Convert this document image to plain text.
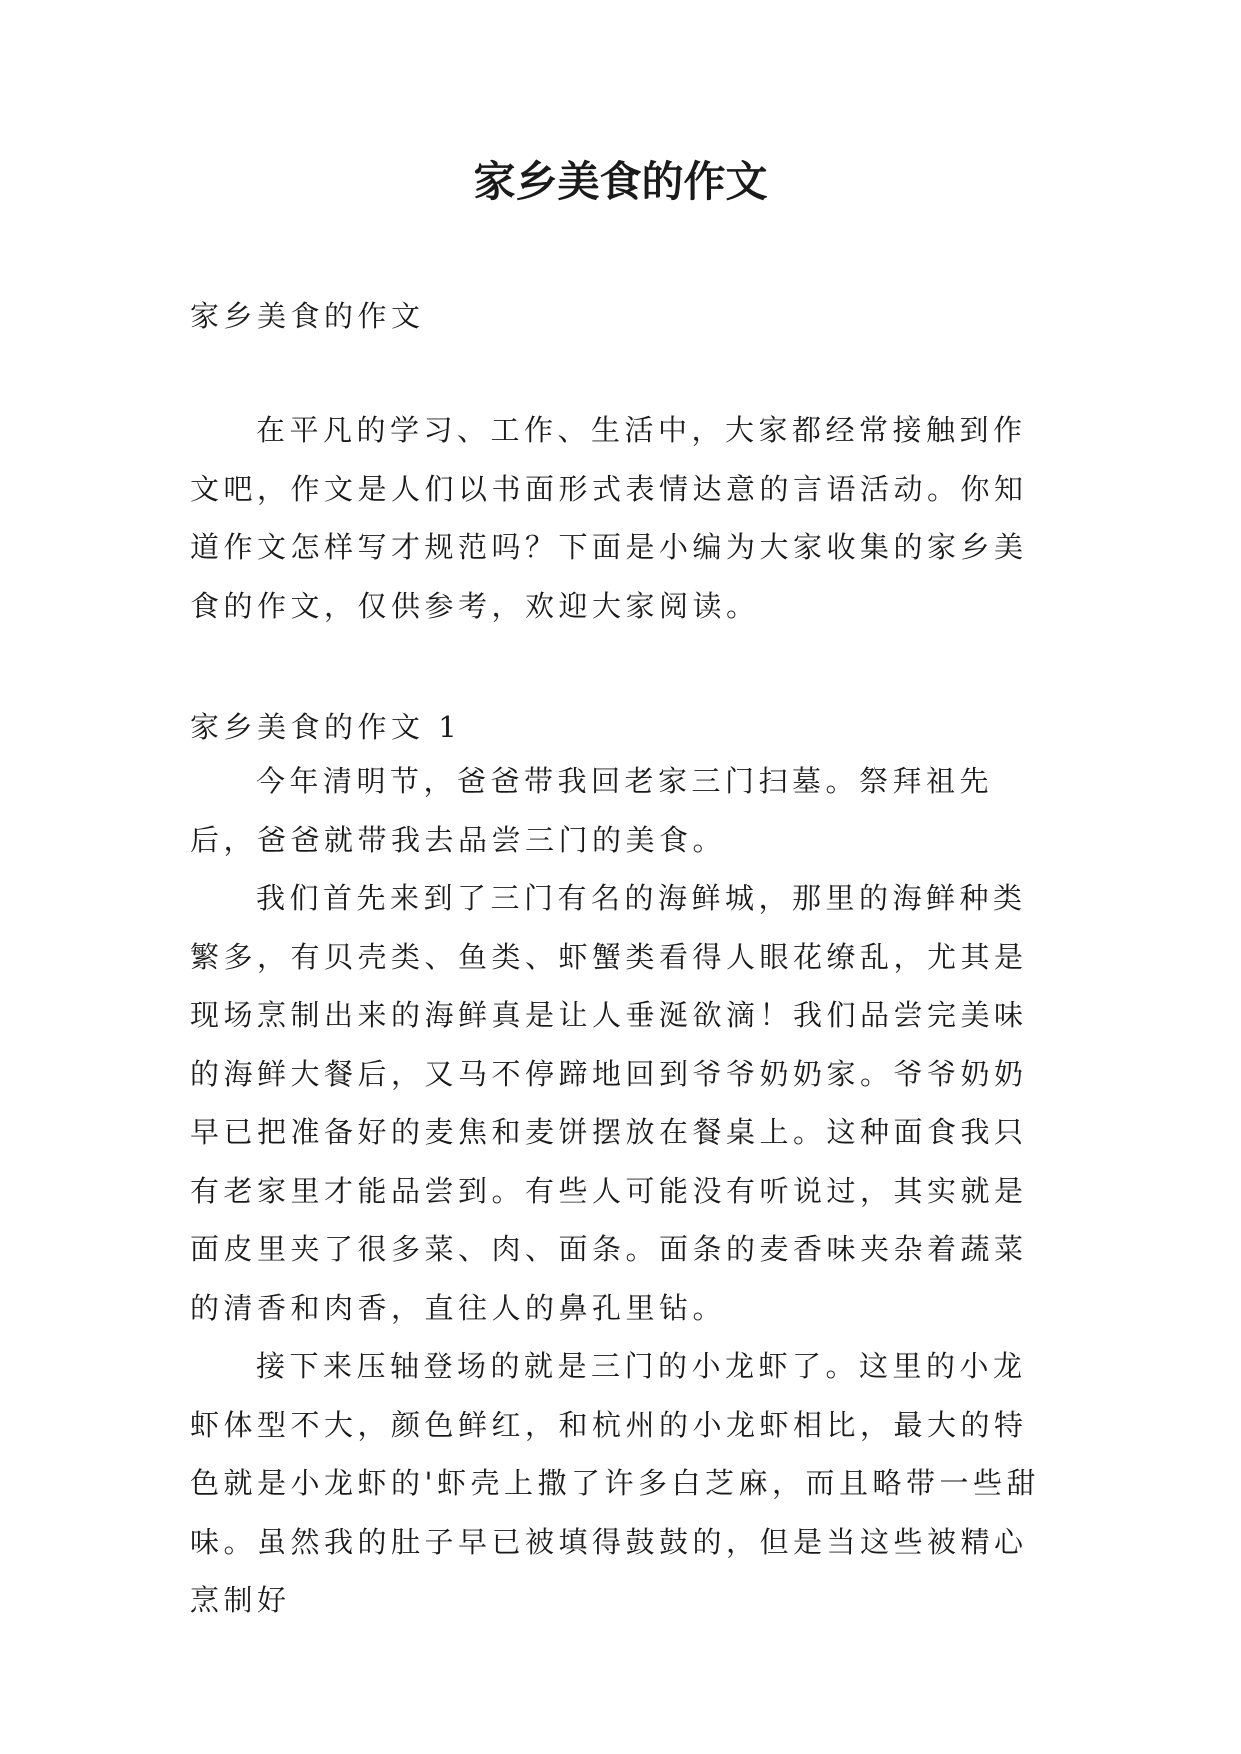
家乡美食的作文

家乡美食的作文

在平凡的学习、工作、生活中，大家都经常接触到作文吧，作文是人们以书面形式表情达意的言语活动。你知道作文怎样写才规范吗？下面是小编为大家收集的家乡美食的作文，仅供参考，欢迎大家阅读。

家乡美食的作文 1

今年清明节，爸爸带我回老家三门扫墓。祭拜祖先后，爸爸就带我去品尝三门的美食。

我们首先来到了三门有名的海鲜城，那里的海鲜种类繁多，有贝壳类、鱼类、虾蟹类看得人眼花缭乱，尤其是现场烹制出来的海鲜真是让人垂涎欲滴！我们品尝完美味的海鲜大餐后，又马不停蹄地回到爷爷奶奶家。爷爷奶奶早已把准备好的麦焦和麦饼摆放在餐桌上。这种面食我只有老家里才能品尝到。有些人可能没有听说过，其实就是面皮里夹了很多菜、肉、面条。面条的麦香味夹杂着蔬菜的清香和肉香，直往人的鼻孔里钻。

接下来压轴登场的就是三门的小龙虾了。这里的小龙虾体型不大，颜色鲜红，和杭州的小龙虾相比，最大的特色就是小龙虾的'虾壳上撒了许多白芝麻，而且略带一些甜味。虽然我的肚子早已被填得鼓鼓的，但是当这些被精心烹制好
